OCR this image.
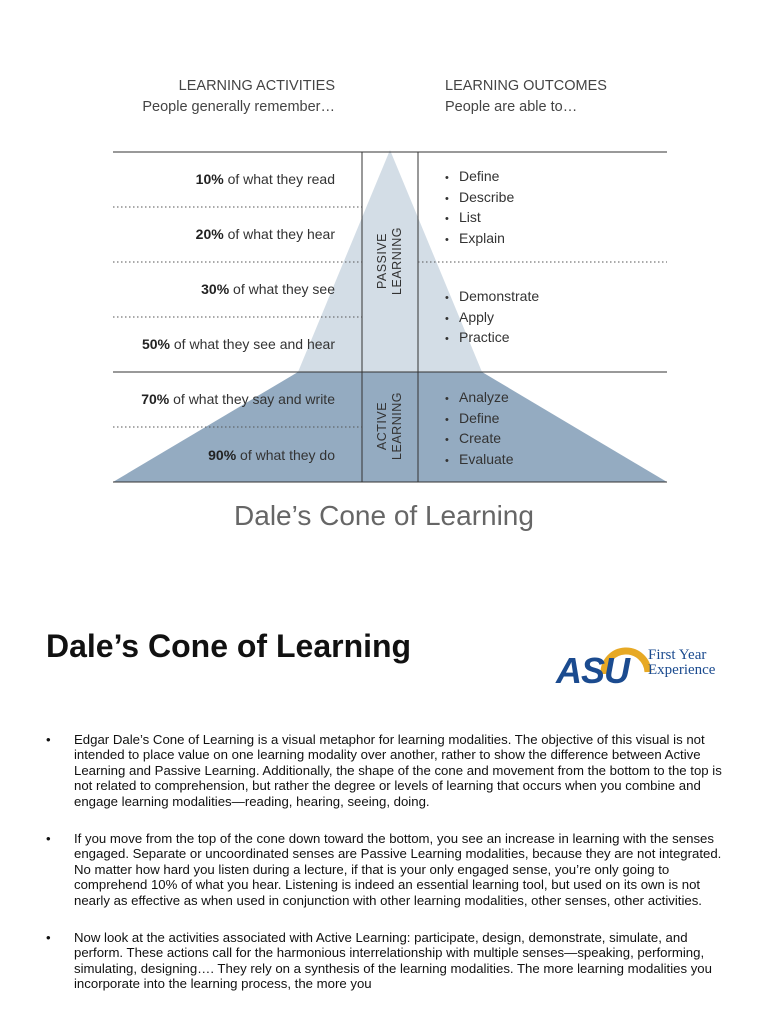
LEARNING ACTIVITIES
People generally remember…
LEARNING OUTCOMES
People are able to…
10% of what they read
20% of what they hear
30% of what they see
50% of what they see and hear
70% of what they say and write
90% of what they do
PASSIVE LEARNING
ACTIVE LEARNING
• Define
• Describe
• List
• Explain
• Demonstrate
• Apply
• Practice
• Analyze
• Define
• Create
• Evaluate
Dale’s Cone of Learning
Dale’s Cone of Learning
ASU First Year
Experience
• Edgar Dale’s Cone of Learning is a visual metaphor for learning modalities. The objective of this visual is not intended to place value on one learning modality over another, rather to show the difference between Active Learning and Passive Learning. Additionally, the shape of the cone and movement from the bottom to the top is not related to comprehension, but rather the degree or levels of learning that occurs when you combine and engage learning modalities—reading, hearing, seeing, doing.
• If you move from the top of the cone down toward the bottom, you see an increase in learning with the senses engaged. Separate or uncoordinated senses are Passive Learning modalities, because they are not integrated. No matter how hard you listen during a lecture, if that is your only engaged sense, you’re only going to comprehend 10% of what you hear. Listening is indeed an essential learning tool, but used on its own is not nearly as effective as when used in conjunction with other learning modalities, other senses, other activities.
• Now look at the activities associated with Active Learning: participate, design, demonstrate, simulate, and perform. These actions call for the harmonious interrelationship with multiple senses—speaking, performing, simulating, designing…. They rely on a synthesis of the learning modalities. The more learning modalities you incorporate into the learning process, the more you
